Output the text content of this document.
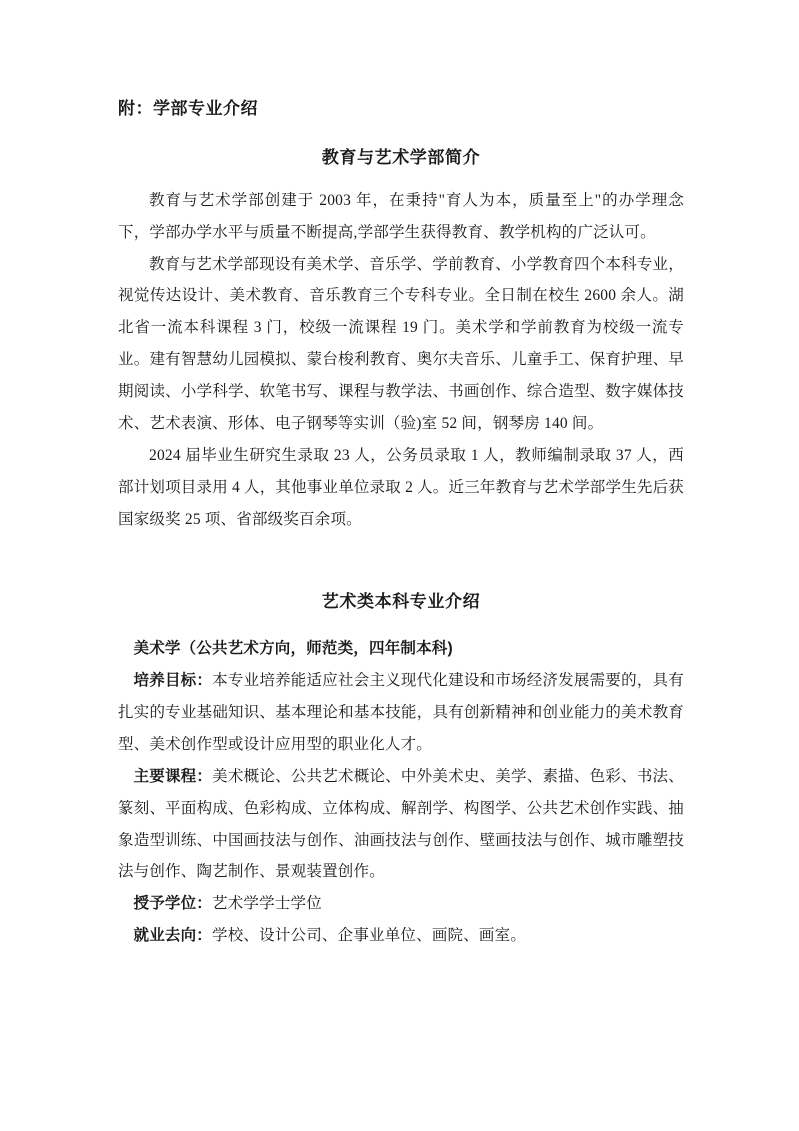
附：学部专业介绍
教育与艺术学部简介

教育与艺术学部创建于 2003 年，在秉持"育人为本，质量至上"的办学理念下，学部办学水平与质量不断提高,学部学生获得教育、教学机构的广泛认可。

教育与艺术学部现设有美术学、音乐学、学前教育、小学教育四个本科专业，视觉传达设计、美术教育、音乐教育三个专科专业。全日制在校生 2600 余人。湖北省一流本科课程 3 门，校级一流课程 19 门。美术学和学前教育为校级一流专业。建有智慧幼儿园模拟、蒙台梭利教育、奥尔夫音乐、儿童手工、保育护理、早期阅读、小学科学、软笔书写、课程与教学法、书画创作、综合造型、数字媒体技术、艺术表演、形体、电子钢琴等实训（验)室 52 间，钢琴房 140 间。

2024 届毕业生研究生录取 23 人，公务员录取 1 人，教师编制录取 37 人，西部计划项目录用 4 人，其他事业单位录取 2 人。近三年教育与艺术学部学生先后获国家级奖 25 项、省部级奖百余项。

艺术类本科专业介绍

美术学（公共艺术方向，师范类，四年制本科)

培养目标：本专业培养能适应社会主义现代化建设和市场经济发展需要的，具有扎实的专业基础知识、基本理论和基本技能，具有创新精神和创业能力的美术教育型、美术创作型或设计应用型的职业化人才。

主要课程：美术概论、公共艺术概论、中外美术史、美学、素描、色彩、书法、篆刻、平面构成、色彩构成、立体构成、解剖学、构图学、公共艺术创作实践、抽象造型训练、中国画技法与创作、油画技法与创作、壁画技法与创作、城市雕塑技法与创作、陶艺制作、景观装置创作。

授予学位：艺术学学士学位

就业去向：学校、设计公司、企事业单位、画院、画室。
